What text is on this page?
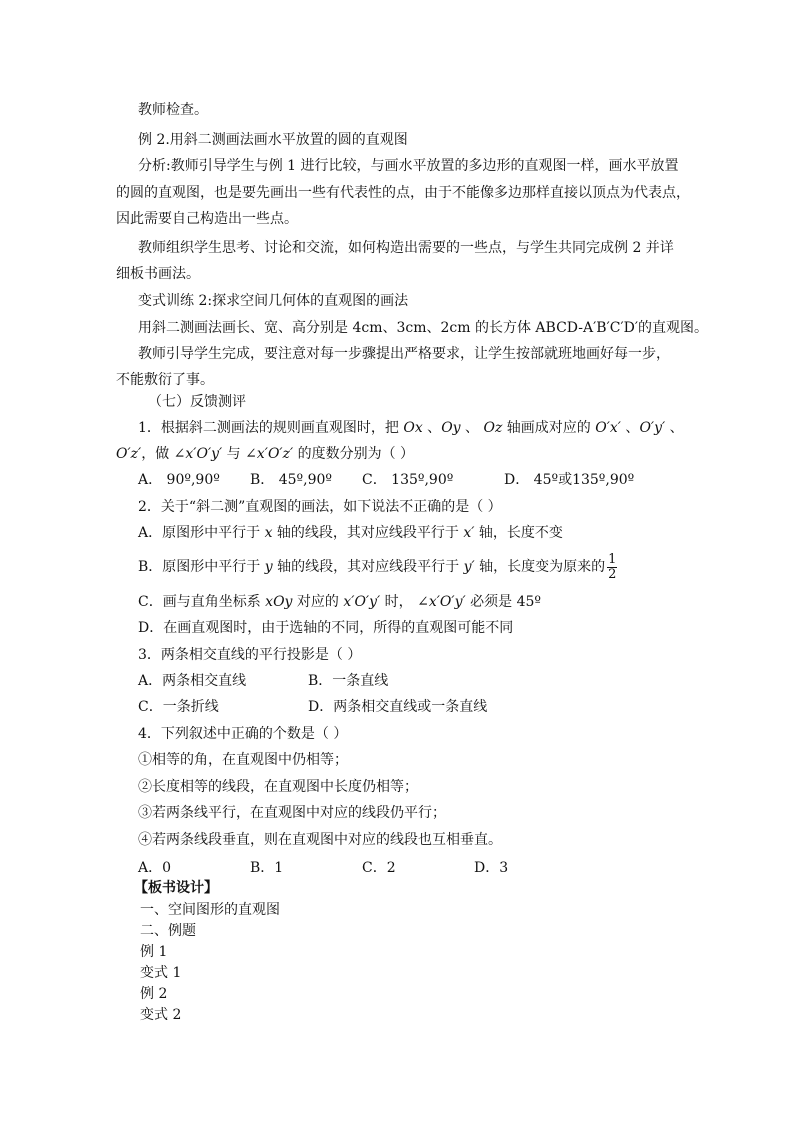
教师检查。
例 2.用斜二测画法画水平放置的圆的直观图
分析:教师引导学生与例 1 进行比较，与画水平放置的多边形的直观图一样，画水平放置
的圆的直观图，也是要先画出一些有代表性的点，由于不能像多边那样直接以顶点为代表点，
因此需要自己构造出一些点。
教师组织学生思考、讨论和交流，如何构造出需要的一些点，与学生共同完成例 2 并详
细板书画法。
变式训练 2:探求空间几何体的直观图的画法
用斜二测画法画长、宽、高分别是 4cm、3cm、2cm 的长方体 ABCD-A′B′C′D′的直观图。
教师引导学生完成，要注意对每一步骤提出严格要求，让学生按部就班地画好每一步，
不能敷衍了事。
（七）反馈测评
1．根据斜二测画法的规则画直观图时，把 Ox 、Oy 、 Oz 轴画成对应的 O′x′ 、O′y′ 、
O′z′，做 ∠x′O′y′ 与 ∠x′O′z′ 的度数分别为（ ）
A． 90º,90º B． 45º,90º C． 135º,90º	D． 45º或135º,90º
2．关于“斜二测”直观图的画法，如下说法不正确的是（ ）
A．原图形中平行于 x 轴的线段，其对应线段平行于 x′ 轴，长度不变
B．原图形中平行于 y 轴的线段，其对应线段平行于 y′ 轴，长度变为原来的 $\frac{1}{2}$
C．画与直角坐标系 xOy 对应的 x′O′y′ 时， ∠x′O′y′ 必须是 45º
D．在画直观图时，由于选轴的不同，所得的直观图可能不同
3．两条相交直线的平行投影是（ ）
A．两条相交直线	B．一条直线
C．一条折线	D．两条相交直线或一条直线
4．下列叙述中正确的个数是（ ）
①相等的角，在直观图中仍相等；
②长度相等的线段，在直观图中长度仍相等；
③若两条线平行，在直观图中对应的线段仍平行；
④若两条线段垂直，则在直观图中对应的线段也互相垂直。
A．0	B．1	C．2	D．3
【板书设计】
一、空间图形的直观图
二、例题
例 1
变式 1
例 2
变式 2
